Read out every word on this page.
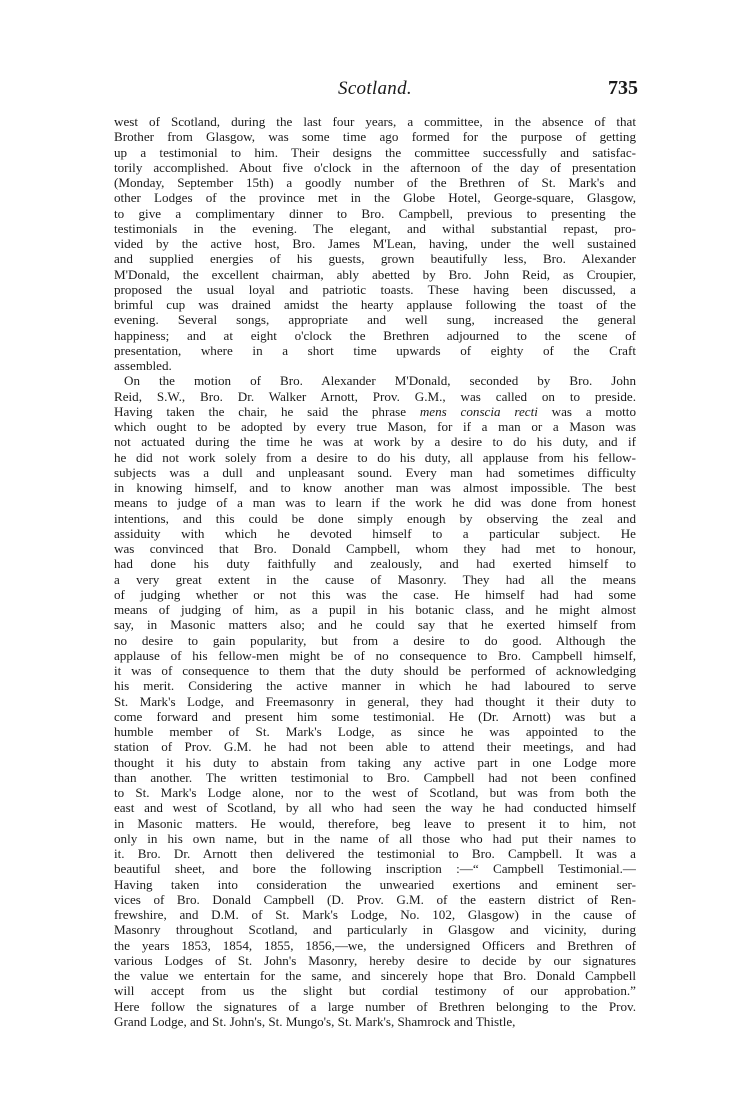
Scotland.	735
west of Scotland, during the last four years, a committee, in the absence of that
Brother from Glasgow, was some time ago formed for the purpose of getting
up a testimonial to him. Their designs the committee successfully and satisfac-
torily accomplished. About five o'clock in the afternoon of the day of presentation
(Monday, September 15th) a goodly number of the Brethren of St. Mark's and
other Lodges of the province met in the Globe Hotel, George-square, Glasgow,
to give a complimentary dinner to Bro. Campbell, previous to presenting the
testimonials in the evening. The elegant, and withal substantial repast, pro-
vided by the active host, Bro. James M'Lean, having, under the well sustained
and supplied energies of his guests, grown beautifully less, Bro. Alexander
M'Donald, the excellent chairman, ably abetted by Bro. John Reid, as Croupier,
proposed the usual loyal and patriotic toasts. These having been discussed, a
brimful cup was drained amidst the hearty applause following the toast of the
evening. Several songs, appropriate and well sung, increased the general
happiness; and at eight o'clock the Brethren adjourned to the scene of
presentation, where in a short time upwards of eighty of the Craft
assembled.
On the motion of Bro. Alexander M'Donald, seconded by Bro. John
Reid, S.W., Bro. Dr. Walker Arnott, Prov. G.M., was called on to preside.
Having taken the chair, he said the phrase mens conscia recti was a motto
which ought to be adopted by every true Mason, for if a man or a Mason was
not actuated during the time he was at work by a desire to do his duty, and if
he did not work solely from a desire to do his duty, all applause from his fellow-
subjects was a dull and unpleasant sound. Every man had sometimes difficulty
in knowing himself, and to know another man was almost impossible. The best
means to judge of a man was to learn if the work he did was done from honest
intentions, and this could be done simply enough by observing the zeal and
assiduity with which he devoted himself to a particular subject. He
was convinced that Bro. Donald Campbell, whom they had met to honour,
had done his duty faithfully and zealously, and had exerted himself to
a very great extent in the cause of Masonry. They had all the means
of judging whether or not this was the case. He himself had had some
means of judging of him, as a pupil in his botanic class, and he might almost
say, in Masonic matters also; and he could say that he exerted himself from
no desire to gain popularity, but from a desire to do good. Although the
applause of his fellow-men might be of no consequence to Bro. Campbell himself,
it was of consequence to them that the duty should be performed of acknowledging
his merit. Considering the active manner in which he had laboured to serve
St. Mark's Lodge, and Freemasonry in general, they had thought it their duty to
come forward and present him some testimonial. He (Dr. Arnott) was but a
humble member of St. Mark's Lodge, as since he was appointed to the
station of Prov. G.M. he had not been able to attend their meetings, and had
thought it his duty to abstain from taking any active part in one Lodge more
than another. The written testimonial to Bro. Campbell had not been confined
to St. Mark's Lodge alone, nor to the west of Scotland, but was from both the
east and west of Scotland, by all who had seen the way he had conducted himself
in Masonic matters. He would, therefore, beg leave to present it to him, not
only in his own name, but in the name of all those who had put their names to
it. Bro. Dr. Arnott then delivered the testimonial to Bro. Campbell. It was a
beautiful sheet, and bore the following inscription :—“ Campbell Testimonial.—
Having taken into consideration the unwearied exertions and eminent ser-
vices of Bro. Donald Campbell (D. Prov. G.M. of the eastern district of Ren-
frewshire, and D.M. of St. Mark's Lodge, No. 102, Glasgow) in the cause of
Masonry throughout Scotland, and particularly in Glasgow and vicinity, during
the years 1853, 1854, 1855, 1856,—we, the undersigned Officers and Brethren of
various Lodges of St. John's Masonry, hereby desire to decide by our signatures
the value we entertain for the same, and sincerely hope that Bro. Donald Campbell
will accept from us the slight but cordial testimony of our approbation.”
Here follow the signatures of a large number of Brethren belonging to the Prov.
Grand Lodge, and St. John's, St. Mungo's, St. Mark's, Shamrock and Thistle,
